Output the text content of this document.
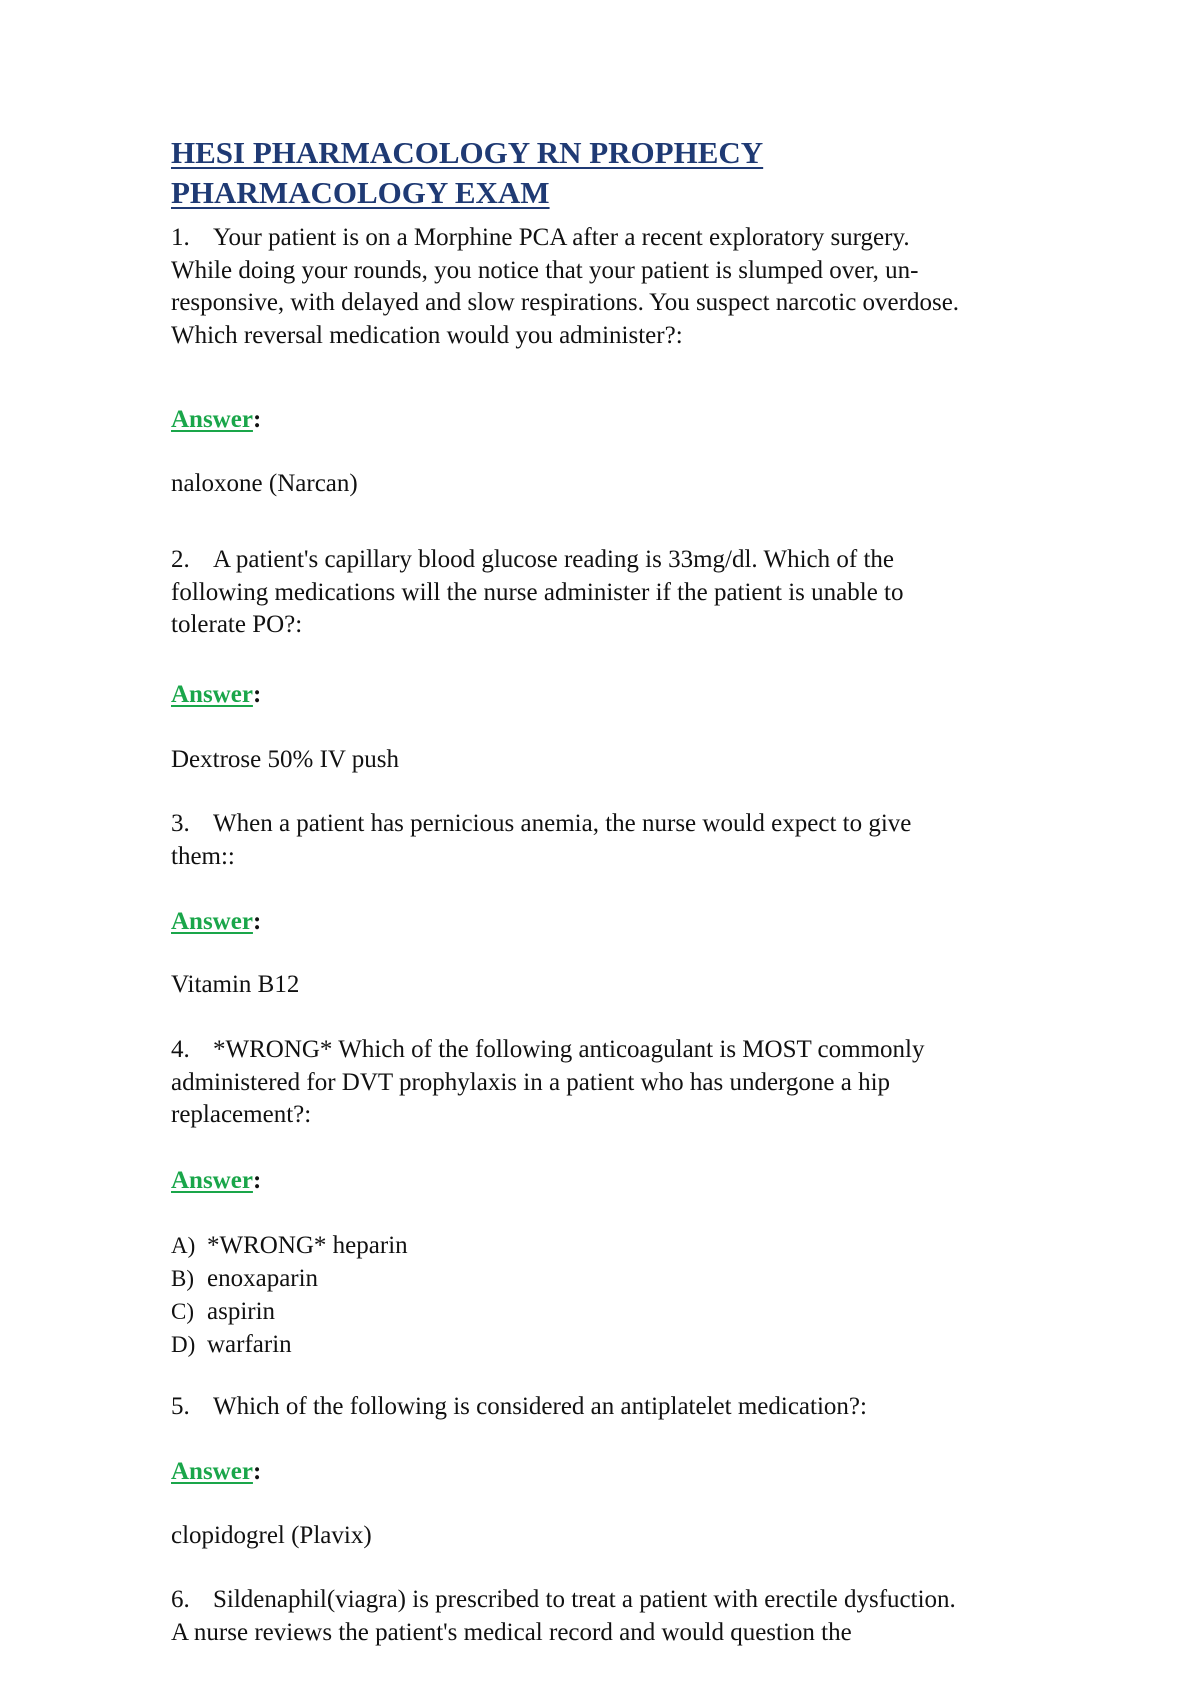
HESI PHARMACOLOGY RN PROPHECY
PHARMACOLOGY EXAM
1. Your patient is on a Morphine PCA after a recent exploratory surgery.
While doing your rounds, you notice that your patient is slumped over, un-
responsive, with delayed and slow respirations. You suspect narcotic overdose.
Which reversal medication would you administer?:
Answer:
naloxone (Narcan)
2. A patient's capillary blood glucose reading is 33mg/dl. Which of the
following medications will the nurse administer if the patient is unable to
tolerate PO?:
Answer:
Dextrose 50% IV push
3. When a patient has pernicious anemia, the nurse would expect to give
them::
Answer:
Vitamin B12
4. *WRONG* Which of the following anticoagulant is MOST commonly
administered for DVT prophylaxis in a patient who has undergone a hip
replacement?:
Answer:
A) *WRONG* heparin
B) enoxaparin
C) aspirin
D) warfarin
5. Which of the following is considered an antiplatelet medication?:
Answer:
clopidogrel (Plavix)
6. Sildenaphil(viagra) is prescribed to treat a patient with erectile dysfuction.
A nurse reviews the patient's medical record and would question the
